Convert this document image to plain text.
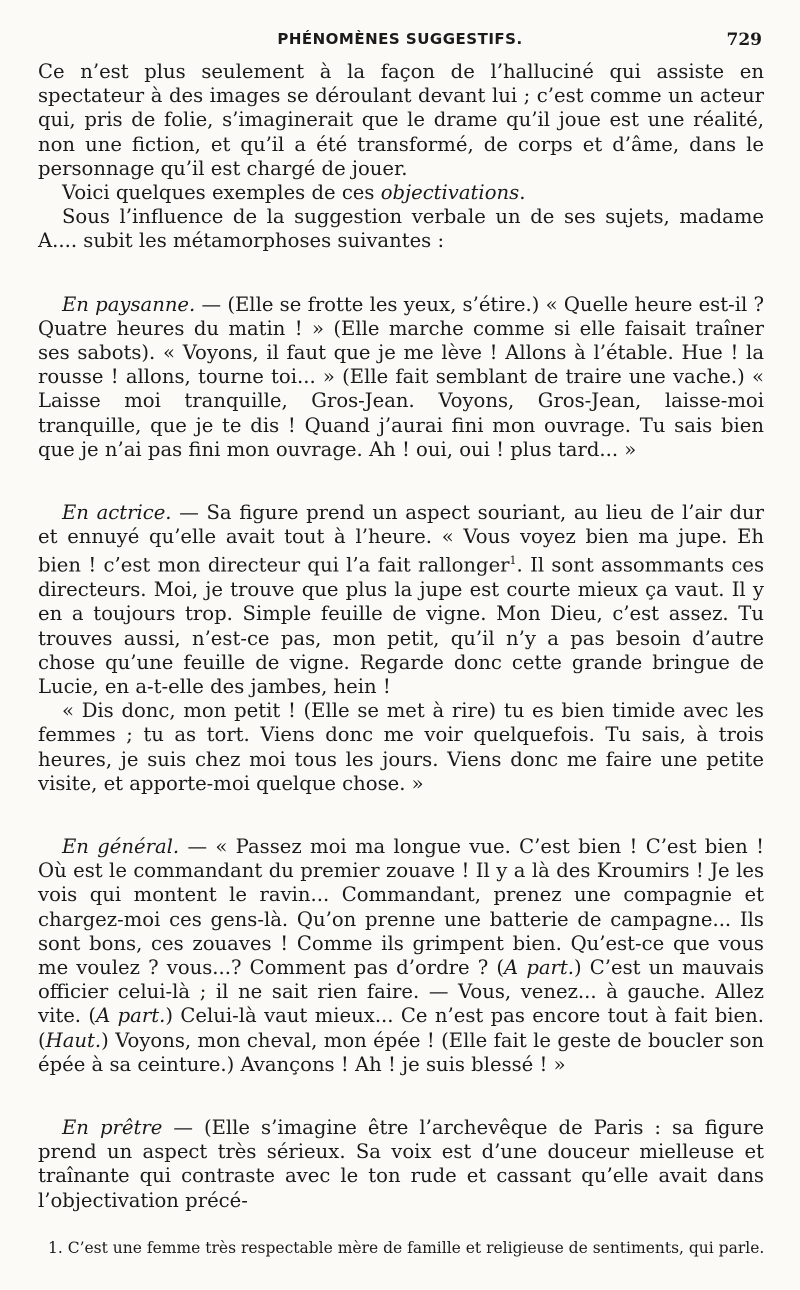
PHÉNOMÈNES SUGGESTIFS.	729

Ce n’est plus seulement à la façon de l’halluciné qui assiste en spectateur à des images se déroulant devant lui ; c’est comme un acteur qui, pris de folie, s’imaginerait que le drame qu’il joue est une réalité, non une fiction, et qu’il a été transformé, de corps et d’âme, dans le personnage qu’il est chargé de jouer.

Voici quelques exemples de ces objectivations.

Sous l’influence de la suggestion verbale un de ses sujets, madame A.... subit les métamorphoses suivantes :

En paysanne. — (Elle se frotte les yeux, s’étire.) « Quelle heure est-il ? Quatre heures du matin ! » (Elle marche comme si elle faisait traîner ses sabots). « Voyons, il faut que je me lève ! Allons à l’étable. Hue ! la rousse ! allons, tourne toi... » (Elle fait semblant de traire une vache.) « Laisse moi tranquille, Gros-Jean. Voyons, Gros-Jean, laisse-moi tranquille, que je te dis ! Quand j’aurai fini mon ouvrage. Tu sais bien que je n’ai pas fini mon ouvrage. Ah ! oui, oui ! plus tard... »

En actrice. — Sa figure prend un aspect souriant, au lieu de l’air dur et ennuyé qu’elle avait tout à l’heure. « Vous voyez bien ma jupe. Eh bien ! c’est mon directeur qui l’a fait rallonger$^1$. Il sont assommants ces directeurs. Moi, je trouve que plus la jupe est courte mieux ça vaut. Il y en a toujours trop. Simple feuille de vigne. Mon Dieu, c’est assez. Tu trouves aussi, n’est-ce pas, mon petit, qu’il n’y a pas besoin d’autre chose qu’une feuille de vigne. Regarde donc cette grande bringue de Lucie, en a-t-elle des jambes, hein !

« Dis donc, mon petit ! (Elle se met à rire) tu es bien timide avec les femmes ; tu as tort. Viens donc me voir quelquefois. Tu sais, à trois heures, je suis chez moi tous les jours. Viens donc me faire une petite visite, et apporte-moi quelque chose. »

En général. — « Passez moi ma longue vue. C’est bien ! C’est bien ! Où est le commandant du premier zouave ! Il y a là des Kroumirs ! Je les vois qui montent le ravin... Commandant, prenez une compagnie et chargez-moi ces gens-là. Qu’on prenne une batterie de campagne... Ils sont bons, ces zouaves ! Comme ils grimpent bien. Qu’est-ce que vous me voulez ? vous...? Comment pas d’ordre ? (A part.) C’est un mauvais officier celui-là ; il ne sait rien faire. — Vous, venez... à gauche. Allez vite. (A part.) Celui-là vaut mieux... Ce n’est pas encore tout à fait bien. (Haut.) Voyons, mon cheval, mon épée ! (Elle fait le geste de boucler son épée à sa ceinture.) Avançons ! Ah ! je suis blessé ! »

En prêtre — (Elle s’imagine être l’archevêque de Paris : sa figure prend un aspect très sérieux. Sa voix est d’une douceur mielleuse et traînante qui contraste avec le ton rude et cassant qu’elle avait dans l’objectivation précé-

1. C’est une femme très respectable mère de famille et religieuse de sentiments, qui parle.
